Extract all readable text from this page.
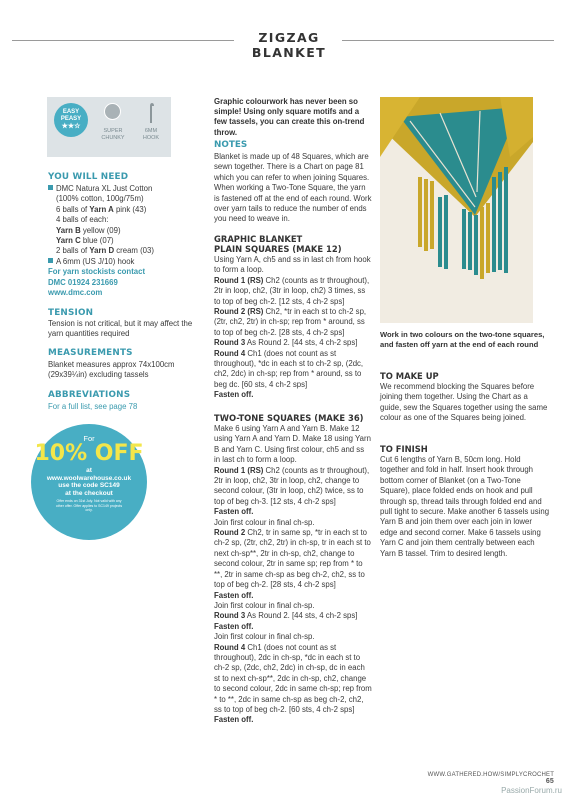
ZIGZAG BLANKET
EASY
PEASY
★★☆
SUPER
CHUNKY
6MM
HOOK
YOU WILL NEED
DMC Natura XL Just Cotton
(100% cotton, 100g/75m)
6 balls of Yarn A pink (43)
4 balls of each:
Yarn B yellow (09)
Yarn C blue (07)
2 balls of Yarn D cream (03)
A 6mm (US J/10) hook
For yarn stockists contact
DMC 01924 231669
www.dmc.com
TENSION
Tension is not critical, but it may affect the yarn quantities required
MEASUREMENTS
Blanket measures approx 74x100cm (29x39¼in) excluding tassels
ABBREVIATIONS
For a full list, see page 78
For
10% OFF
at
www.woolwarehouse.co.uk
use the code SC149
at the checkout
Offer ends on 31st July. Not valid with any other offer. Offer applies to SC149 projects only.
Graphic colourwork has never been so simple! Using only square motifs and a few tassels, you can create this on-trend throw.
NOTES
Blanket is made up of 48 Squares, which are sewn together. There is a Chart on page 81 which you can refer to when joining Squares. When working a Two-Tone Square, the yarn is fastened off at the end of each round. Work over yarn tails to reduce the number of ends you need to weave in.
GRAPHIC BLANKET
PLAIN SQUARES (MAKE 12)
Using Yarn A, ch5 and ss in last ch from hook to form a loop.
Round 1 (RS) Ch2 (counts as tr throughout), 2tr in loop, ch2, (3tr in loop, ch2) 3 times, ss to top of beg ch-2. [12 sts, 4 ch-2 sps]
Round 2 (RS) Ch2, *tr in each st to ch-2 sp, (2tr, ch2, 2tr) in ch-sp; rep from * around, ss to top of beg ch-2. [28 sts, 4 ch-2 sps]
Round 3 As Round 2. [44 sts, 4 ch-2 sps]
Round 4 Ch1 (does not count as st throughout), *dc in each st to ch-2 sp, (2dc, ch2, 2dc) in ch-sp; rep from * around, ss to beg dc. [60 sts, 4 ch-2 sps]
Fasten off.
TWO-TONE SQUARES (MAKE 36)
Make 6 using Yarn A and Yarn B. Make 12 using Yarn A and Yarn D. Make 18 using Yarn B and Yarn C. Using first colour, ch5 and ss in last ch to form a loop.
Round 1 (RS) Ch2 (counts as tr throughout), 2tr in loop, ch2, 3tr in loop, ch2, change to second colour, (3tr in loop, ch2) twice, ss to top of beg ch-3. [12 sts, 4 ch-2 sps]
Fasten off.
Join first colour in final ch-sp.
Round 2 Ch2, tr in same sp, *tr in each st to ch-2 sp, (2tr, ch2, 2tr) in ch-sp, tr in each st to next ch-sp**, 2tr in ch-sp, ch2, change to second colour, 2tr in same sp; rep from * to **, 2tr in same ch-sp as beg ch-2, ch2, ss to top of beg ch-2. [28 sts, 4 ch-2 sps]
Fasten off.
Join first colour in final ch-sp.
Round 3 As Round 2. [44 sts, 4 ch-2 sps]
Fasten off.
Join first colour in final ch-sp.
Round 4 Ch1 (does not count as st throughout), 2dc in ch-sp, *dc in each st to ch-2 sp, (2dc, ch2, 2dc) in ch-sp, dc in each st to next ch-sp**, 2dc in ch-sp, ch2, change to second colour, 2dc in same ch-sp; rep from * to **, 2dc in same ch-sp as beg ch-2, ch2, ss to top of beg ch-2. [60 sts, 4 ch-2 sps]
Fasten off.
Work in two colours on the two-tone squares, and fasten off yarn at the end of each round
TO MAKE UP
We recommend blocking the Squares before joining them together. Using the Chart as a guide, sew the Squares together using the same colour as one of the Squares being joined.
TO FINISH
Cut 6 lengths of Yarn B, 50cm long. Hold together and fold in half. Insert hook through bottom corner of Blanket (on a Two-Tone Square), place folded ends on hook and pull through sp, thread tails through folded end and pull tight to secure. Make another 6 tassels using Yarn B and join them over each join in lower edge and second corner. Make 6 tassels using Yarn C and join them centrally between each Yarn B tassel. Trim to desired length.
WWW.GATHERED.HOW/SIMPLYCROCHET 65
PassionForum.ru
